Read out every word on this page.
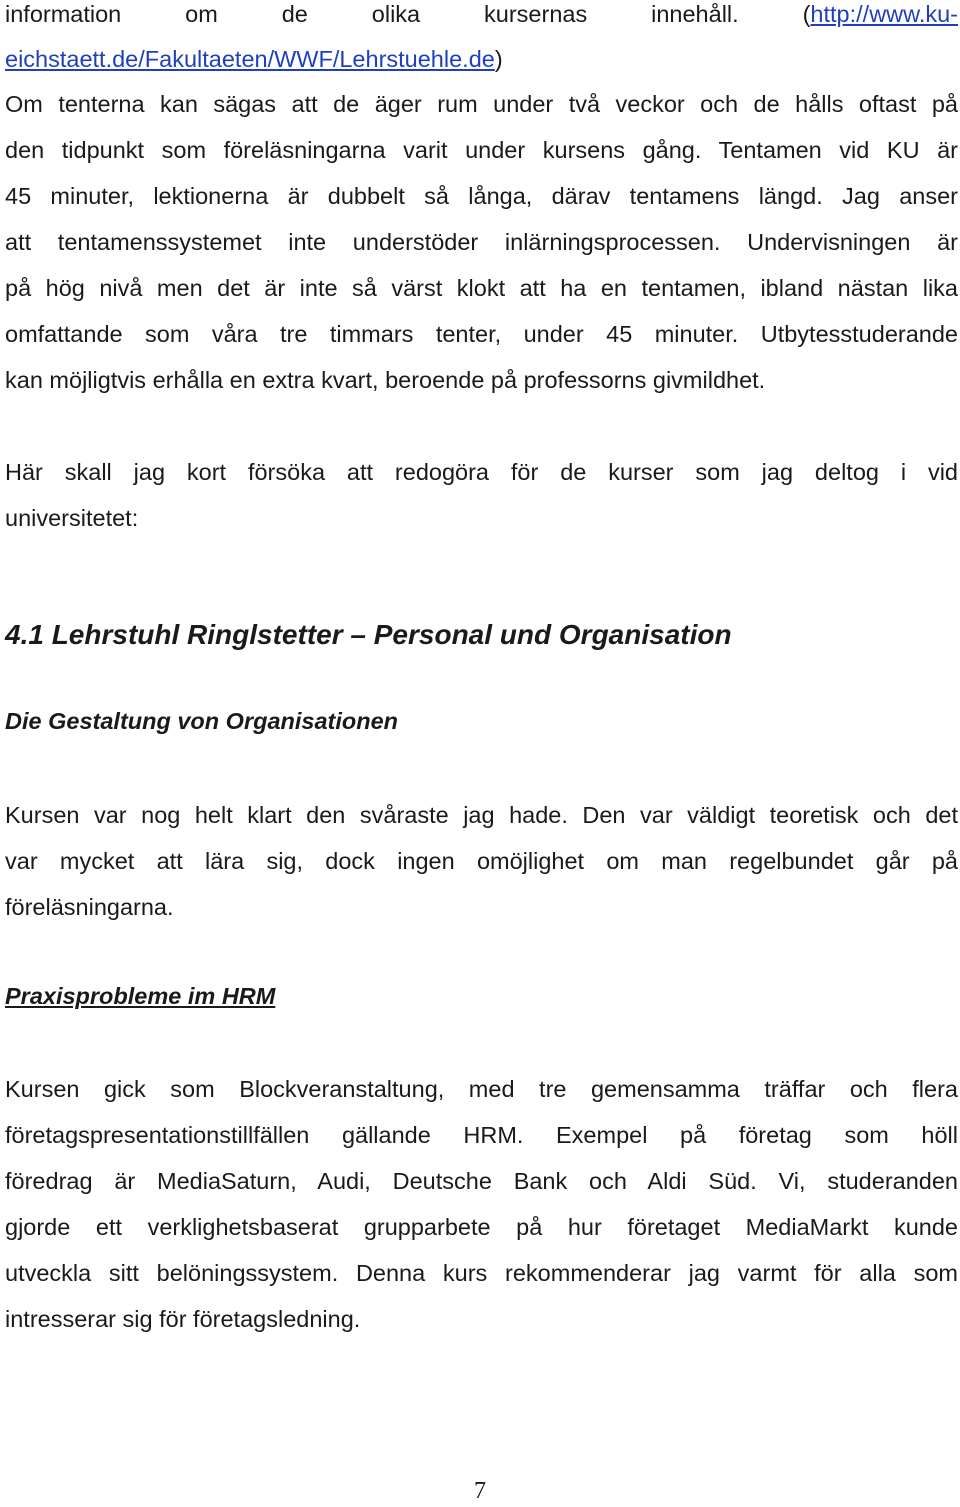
information om de olika kursernas innehåll. (http://www.ku-
eichstaett.de/Fakultaeten/WWF/Lehrstuehle.de)

Om tenterna kan sägas att de äger rum under två veckor och de hålls oftast på
den tidpunkt som föreläsningarna varit under kursens gång. Tentamen vid KU är
45 minuter, lektionerna är dubbelt så långa, därav tentamens längd. Jag anser
att tentamenssystemet inte understöder inlärningsprocessen. Undervisningen är
på hög nivå men det är inte så värst klokt att ha en tentamen, ibland nästan lika
omfattande som våra tre timmars tenter, under 45 minuter. Utbytesstuderande
kan möjligtvis erhålla en extra kvart, beroende på professorns givmildhet.

Här skall jag kort försöka att redogöra för de kurser som jag deltog i vid
universitetet:

4.1 Lehrstuhl Ringlstetter – Personal und Organisation
Die Gestaltung von Organisationen

Kursen var nog helt klart den svåraste jag hade. Den var väldigt teoretisk och det
var mycket att lära sig, dock ingen omöjlighet om man regelbundet går på
föreläsningarna.

Praxisprobleme im HRM

Kursen gick som Blockveranstaltung, med tre gemensamma träffar och flera
företagspresentationstillfällen gällande HRM. Exempel på företag som höll
föredrag är MediaSaturn, Audi, Deutsche Bank och Aldi Süd. Vi, studeranden
gjorde ett verklighetsbaserat grupparbete på hur företaget MediaMarkt kunde
utveckla sitt belöningssystem. Denna kurs rekommenderar jag varmt för alla som
intresserar sig för företagsledning.

7
